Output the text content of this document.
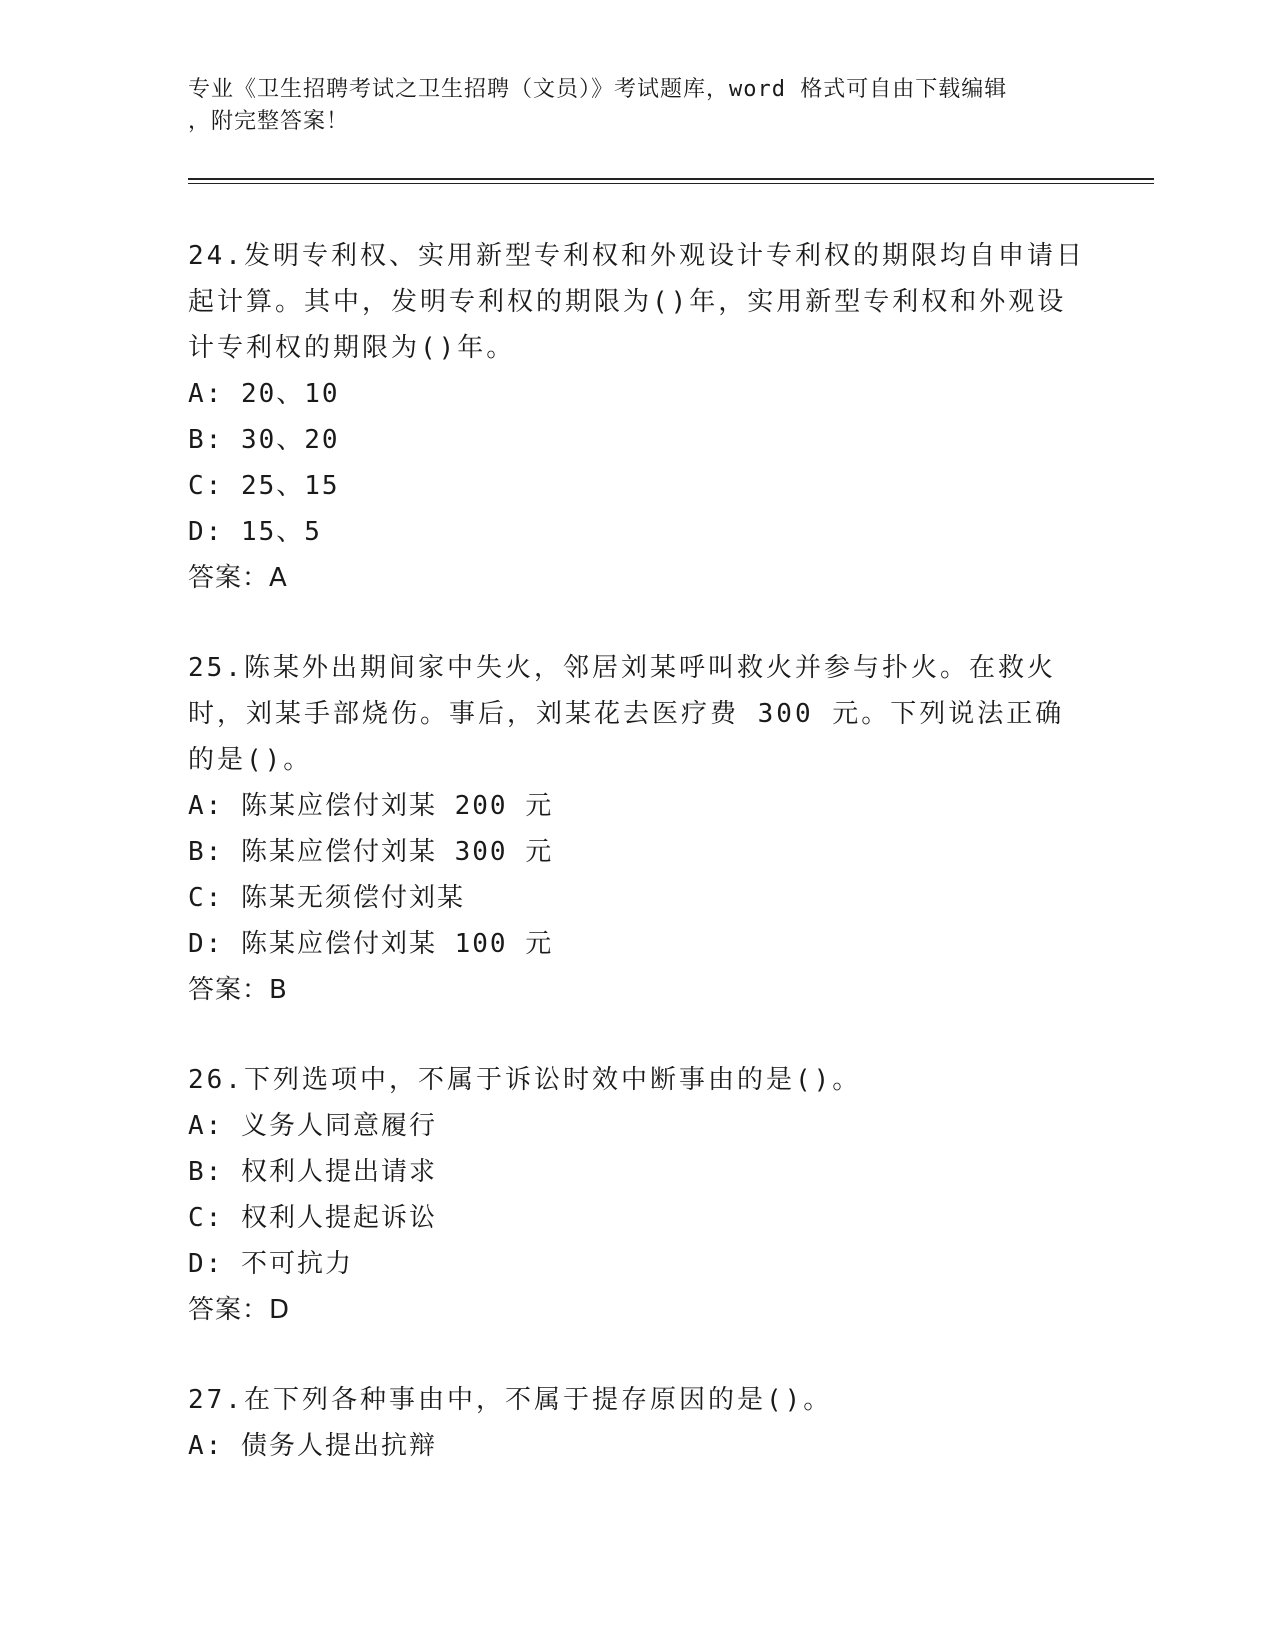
专业《卫生招聘考试之卫生招聘（文员）》考试题库，word 格式可自由下载编辑
，附完整答案！

24.发明专利权、实用新型专利权和外观设计专利权的期限均自申请日起计算。其中，发明专利权的期限为()年，实用新型专利权和外观设计专利权的期限为()年。

A: 20、10

B: 30、20

C: 25、15

D: 15、5

答案：A

25.陈某外出期间家中失火，邻居刘某呼叫救火并参与扑火。在救火时，刘某手部烧伤。事后，刘某花去医疗费 300 元。下列说法正确的是()。

A: 陈某应偿付刘某 200 元

B: 陈某应偿付刘某 300 元

C: 陈某无须偿付刘某

D: 陈某应偿付刘某 100 元

答案：B

26.下列选项中，不属于诉讼时效中断事由的是()。

A: 义务人同意履行

B: 权利人提出请求

C: 权利人提起诉讼

D: 不可抗力

答案：D

27.在下列各种事由中，不属于提存原因的是()。

A: 债务人提出抗辩
